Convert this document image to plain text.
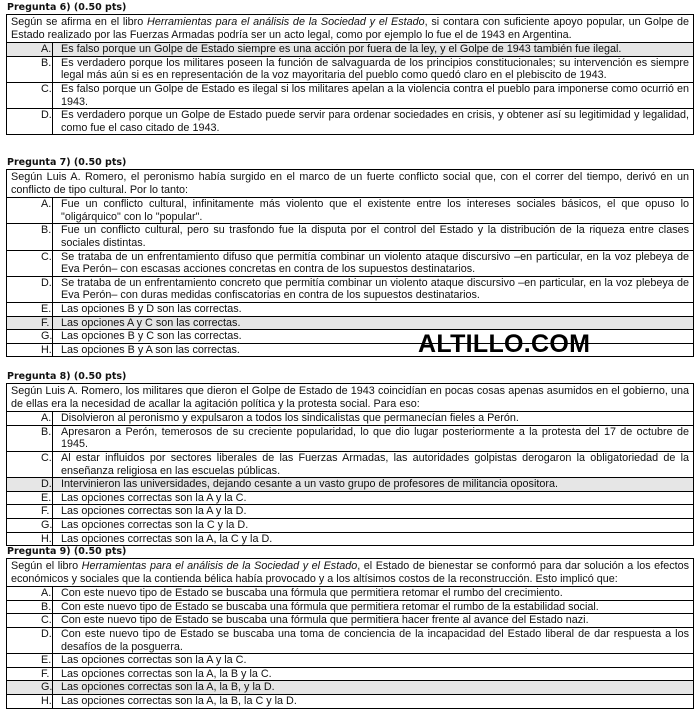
Pregunta 6) (0.50 pts)
Según se afirma en el libro Herramientas para el análisis de la Sociedad y el Estado, si contara con suficiente apoyo popular, un Golpe de Estado realizado por las Fuerzas Armadas podría ser un acto legal, como por ejemplo lo fue el de 1943 en Argentina.
A. Es falso porque un Golpe de Estado siempre es una acción por fuera de la ley, y el Golpe de 1943 también fue ilegal.
B. Es verdadero porque los militares poseen la función de salvaguarda de los principios constitucionales; su intervención es siempre legal más aún si es en representación de la voz mayoritaria del pueblo como quedó claro en el plebiscito de 1943.
C. Es falso porque un Golpe de Estado es ilegal si los militares apelan a la violencia contra el pueblo para imponerse como ocurrió en 1943.
D. Es verdadero porque un Golpe de Estado puede servir para ordenar sociedades en crisis, y obtener así su legitimidad y legalidad, como fue el caso citado de 1943.
Pregunta 7) (0.50 pts)
Según Luis A. Romero, el peronismo había surgido en el marco de un fuerte conflicto social que, con el correr del tiempo, derivó en un conflicto de tipo cultural. Por lo tanto:
A. Fue un conflicto cultural, infinitamente más violento que el existente entre los intereses sociales básicos, el que opuso lo "oligárquico" con lo "popular".
B. Fue un conflicto cultural, pero su trasfondo fue la disputa por el control del Estado y la distribución de la riqueza entre clases sociales distintas.
C. Se trataba de un enfrentamiento difuso que permitía combinar un violento ataque discursivo –en particular, en la voz plebeya de Eva Perón– con escasas acciones concretas en contra de los supuestos destinatarios.
D. Se trataba de un enfrentamiento concreto que permitía combinar un violento ataque discursivo –en particular, en la voz plebeya de Eva Perón– con duras medidas confiscatorias en contra de los supuestos destinatarios.
E. Las opciones B y D son las correctas.
F.	Las opciones A y C son las correctas.
G. Las opciones B y C son las correctas.
H. Las opciones B y A son las correctas.
Pregunta 8) (0.50 pts)
Según Luis A. Romero, los militares que dieron el Golpe de Estado de 1943 coincidían en pocas cosas apenas asumidos en el gobierno, una de ellas era la necesidad de acallar la agitación política y la protesta social. Para eso:
A. Disolvieron al peronismo y expulsaron a todos los sindicalistas que permanecían fieles a Perón.
B. Apresaron a Perón, temerosos de su creciente popularidad, lo que dio lugar posteriormente a la protesta del 17 de octubre de 1945.
C. Al estar influidos por sectores liberales de las Fuerzas Armadas, las autoridades golpistas derogaron la obligatoriedad de la enseñanza religiosa en las escuelas públicas.
D. Intervinieron las universidades, dejando cesante a un vasto grupo de profesores de militancia opositora.
E. Las opciones correctas son la A y la C.
F.	Las opciones correctas son la A y la D.
G. Las opciones correctas son la C y la D.
H. Las opciones correctas son la A, la C y la D.
Pregunta 9) (0.50 pts)
Según el libro Herramientas para el análisis de la Sociedad y el Estado, el Estado de bienestar se conformó para dar solución a los efectos económicos y sociales que la contienda bélica había provocado y a los altísimos costos de la reconstrucción. Esto implicó que:
A. Con este nuevo tipo de Estado se buscaba una fórmula que permitiera retomar el rumbo del crecimiento.
B. Con este nuevo tipo de Estado se buscaba una fórmula que permitiera retomar el rumbo de la estabilidad social.
C. Con este nuevo tipo de Estado se buscaba una fórmula que permitiera hacer frente al avance del Estado nazi.
D. Con este nuevo tipo de Estado se buscaba una toma de conciencia de la incapacidad del Estado liberal de dar respuesta a los desafíos de la posguerra.
E. Las opciones correctas son la A y la C.
F.	Las opciones correctas son la A, la B y la C.
G. Las opciones correctas son la A, la B, y la D.
H. Las opciones correctas son la A, la B, la C y la D.
ALTILLO.COM
